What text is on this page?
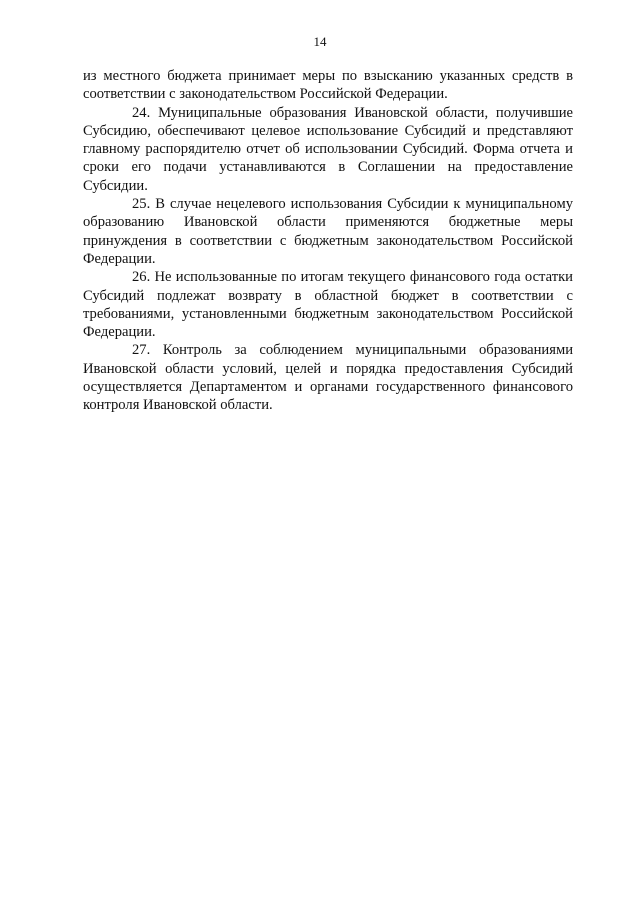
14

из местного бюджета принимает меры по взысканию указанных средств в соответствии с законодательством Российской Федерации.

24. Муниципальные образования Ивановской области, получившие Субсидию, обеспечивают целевое использование Субсидий и представляют главному распорядителю отчет об использовании Субсидий. Форма отчета и сроки его подачи устанавливаются в Соглашении на предоставление Субсидии.

25. В случае нецелевого использования Субсидии к муниципальному образованию Ивановской области применяются бюджетные меры принуждения в соответствии с бюджетным законодательством Российской Федерации.

26. Не использованные по итогам текущего финансового года остатки Субсидий подлежат возврату в областной бюджет в соответствии с требованиями, установленными бюджетным законодательством Российской Федерации.

27. Контроль за соблюдением муниципальными образованиями Ивановской области условий, целей и порядка предоставления Субсидий осуществляется Департаментом и органами государственного финансового контроля Ивановской области.
